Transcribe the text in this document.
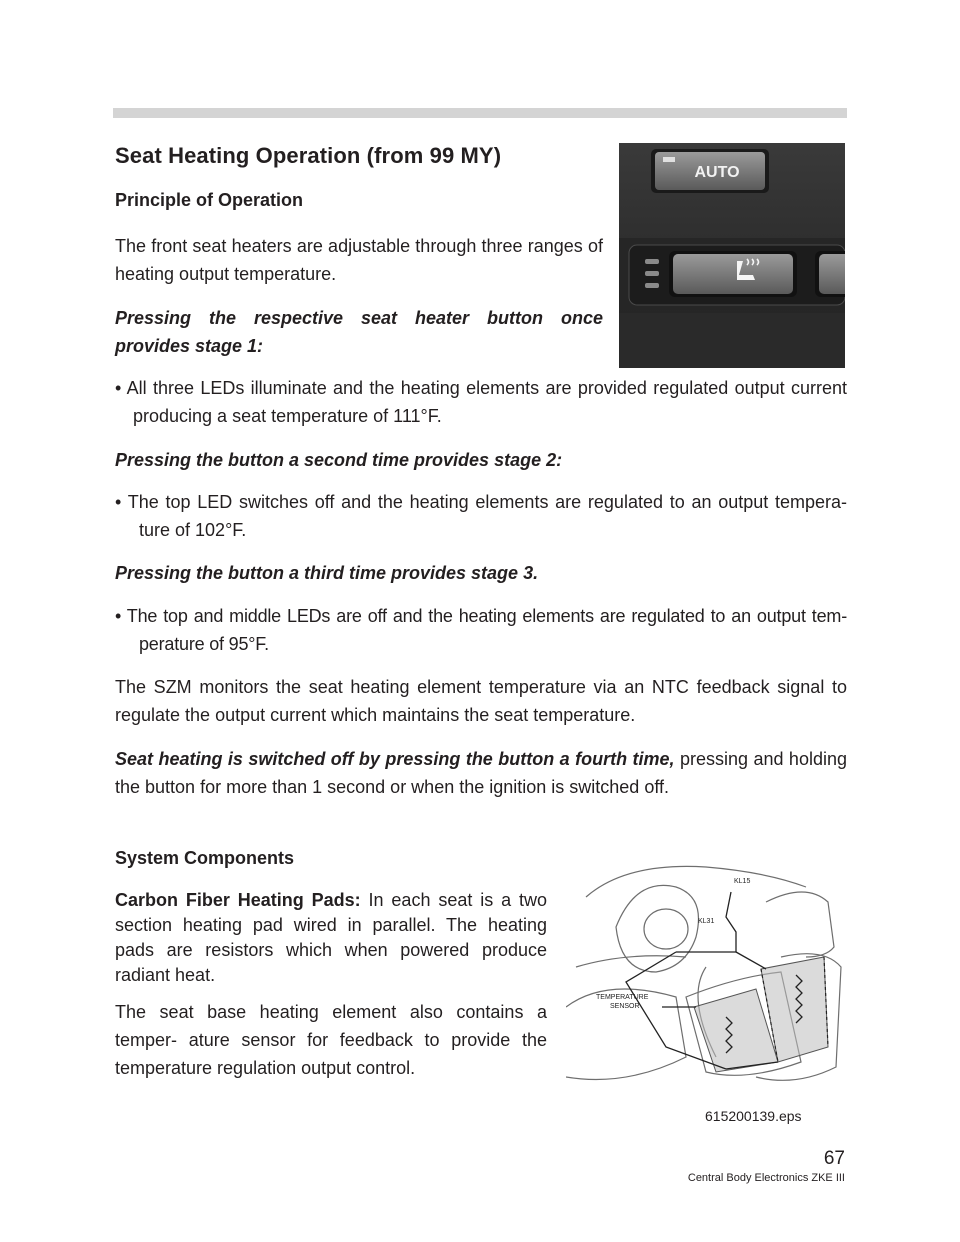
Seat Heating Operation (from 99 MY)
Principle of Operation

The front seat heaters are adjustable through three ranges of heating output temperature.

Pressing the respective seat heater button once provides stage 1:

AUTO

• All three LEDs illuminate and the heating elements are provided regulated output current producing a seat temperature of 111°F.

Pressing the button a second time provides stage 2:

• The top LED switches off and the heating elements are regulated to an output tempera- ture of 102°F.

Pressing the button a third time provides stage 3.

• The top and middle LEDs are off and the heating elements are regulated to an output tem- perature of 95°F.

The SZM monitors the seat heating element temperature via an NTC feedback signal to regulate the output current which maintains the seat temperature.

Seat heating is switched off by pressing the button a fourth time, pressing and holding the button for more than 1 second or when the ignition is switched off.

System Components

Carbon Fiber Heating Pads: In each seat is a two section heating pad wired in parallel. The heating pads are resistors which when powered produce radiant heat.

The seat base heating element also contains a temper- ature sensor for feedback to provide the temperature regulation output control.

KL15
KL31
TEMPERATURE
SENSOR
615200139.eps
67
Central Body Electronics ZKE III
